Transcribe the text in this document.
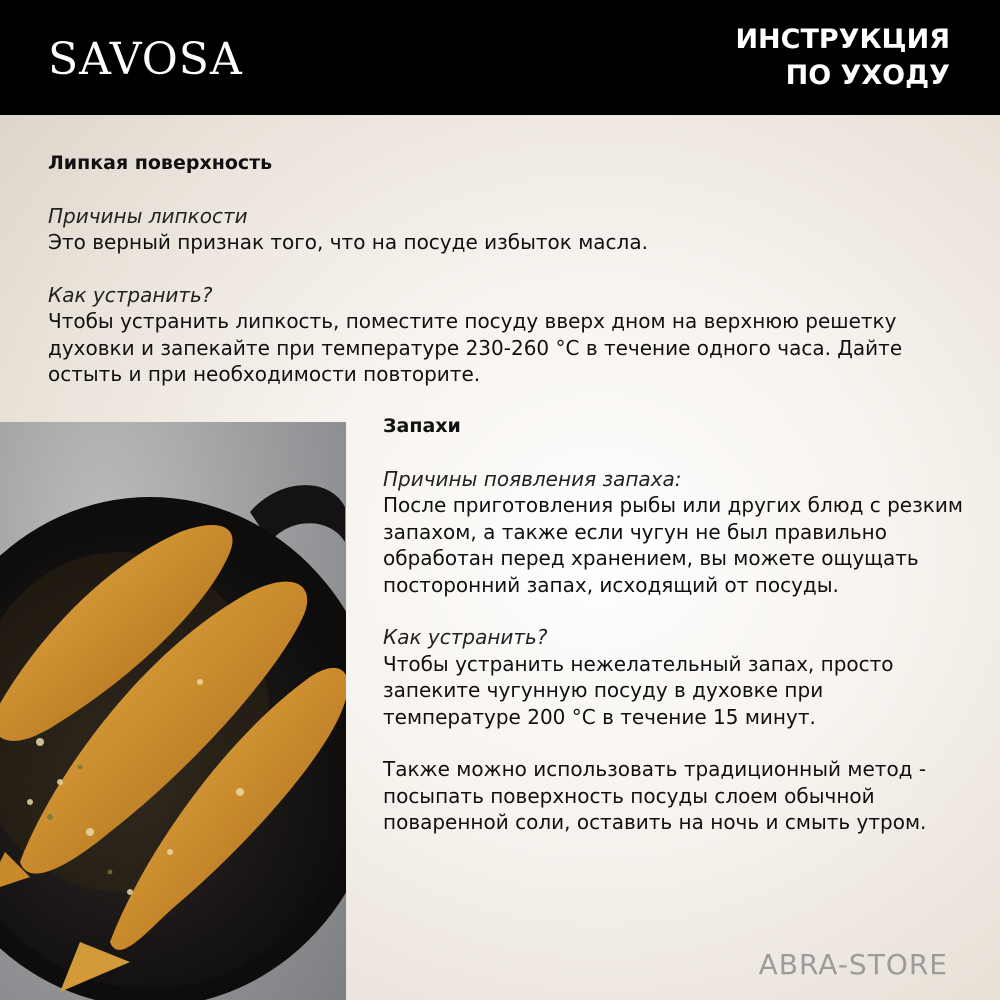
SAVOSA	ИНСТРУКЦИЯ
ПО УХОДУ
Липкая поверхность
Причины липкости
Это верный признак того, что на посуде избыток масла.
Как устранить?
Чтобы устранить липкость, поместите посуду вверх дном на верхнюю решетку духовки и запекайте при температуре 230-260 °С в течение одного часа. Дайте остыть и при необходимости повторите.
Запахи
Причины появления запаха:
После приготовления рыбы или других блюд с резким запахом, а также если чугун не был правильно обработан перед хранением, вы можете ощущать посторонний запах, исходящий от посуды.
Как устранить?
Чтобы устранить нежелательный запах, просто запеките чугунную посуду в духовке при температуре 200 °С в течение 15 минут.
Также можно использовать традиционный метод - посыпать поверхность посуды слоем обычной поваренной соли, оставить на ночь и смыть утром.
ABRA-STORE
